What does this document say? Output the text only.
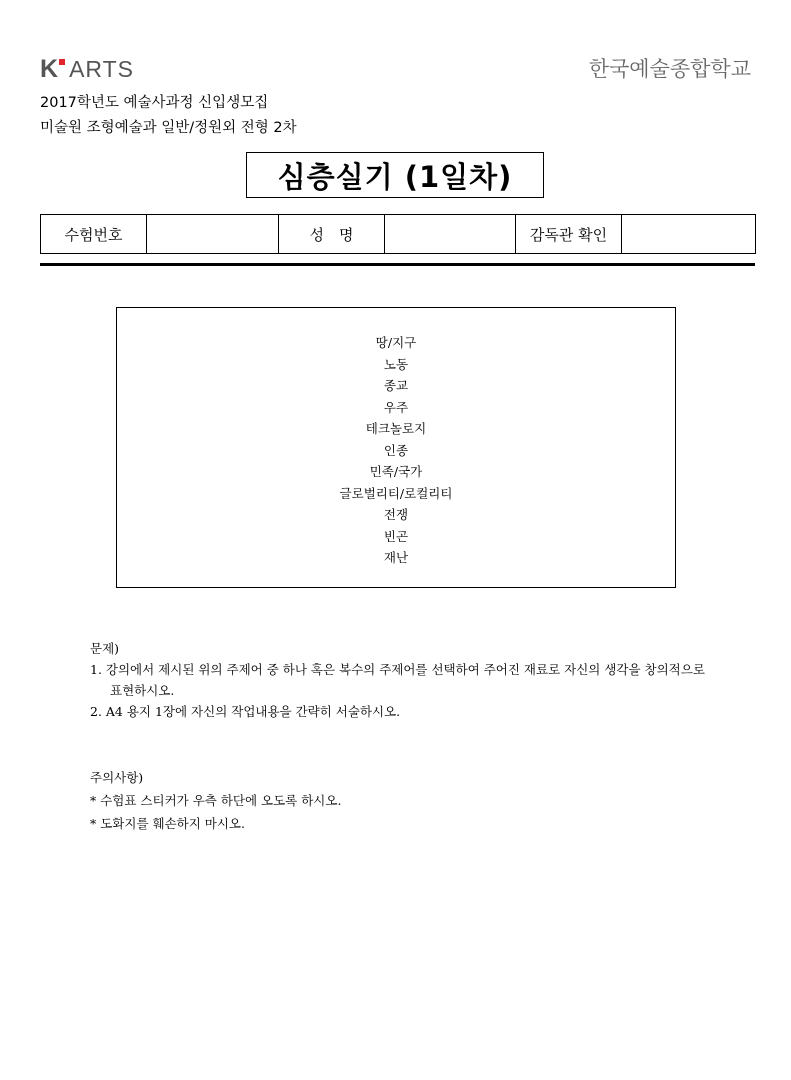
K ARTS	한국예술종합학교
2017학년도 예술사과정 신입생모집
미술원 조형예술과 일반/정원외 전형 2차
심층실기 (1일차)
수험번호		성　명		감독관 확인	
땅/지구
노동
종교
우주
테크놀로지
인종
민족/국가
글로벌리티/로컬리티
전쟁
빈곤
재난

문제)

1. 강의에서 제시된 위의 주제어 중 하나 혹은 복수의 주제어를 선택하여 주어진 재료로 자신의 생각을 창의적으로 표현하시오.

2. A4 용지 1장에 자신의 작업내용을 간략히 서술하시오.

주의사항)

* 수험표 스티커가 우측 하단에 오도록 하시오.

* 도화지를 훼손하지 마시오.
